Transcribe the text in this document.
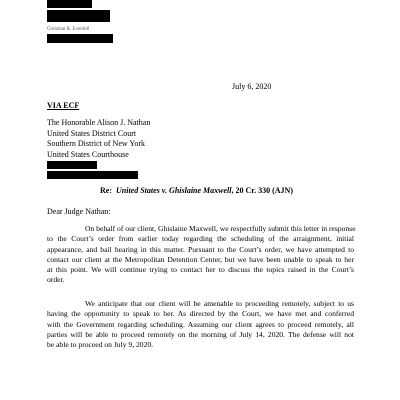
Christian R. Everdell
July 6, 2020
VIA ECF
The Honorable Alison J. Nathan
United States District Court
Southern District of New York
United States Courthouse
Re: United States v. Ghislaine Maxwell, 20 Cr. 330 (AJN)
Dear Judge Nathan:
On behalf of our client, Ghislaine Maxwell, we respectfully submit this letter in response
to the Court’s order from earlier today regarding the scheduling of the arraignment, initial
appearance, and bail hearing in this matter. Pursuant to the Court’s order, we have attempted to
contact our client at the Metropolitan Detention Center, but we have been unable to speak to her
at this point. We will continue trying to contact her to discuss the topics raised in the Court’s
order.
We anticipate that our client will be amenable to proceeding remotely, subject to us
having the opportunity to speak to her. As directed by the Court, we have met and conferred
with the Government regarding scheduling. Assuming our client agrees to proceed remotely, all
parties will be able to proceed remotely on the morning of July 14, 2020. The defense will not
be able to proceed on July 9, 2020.
